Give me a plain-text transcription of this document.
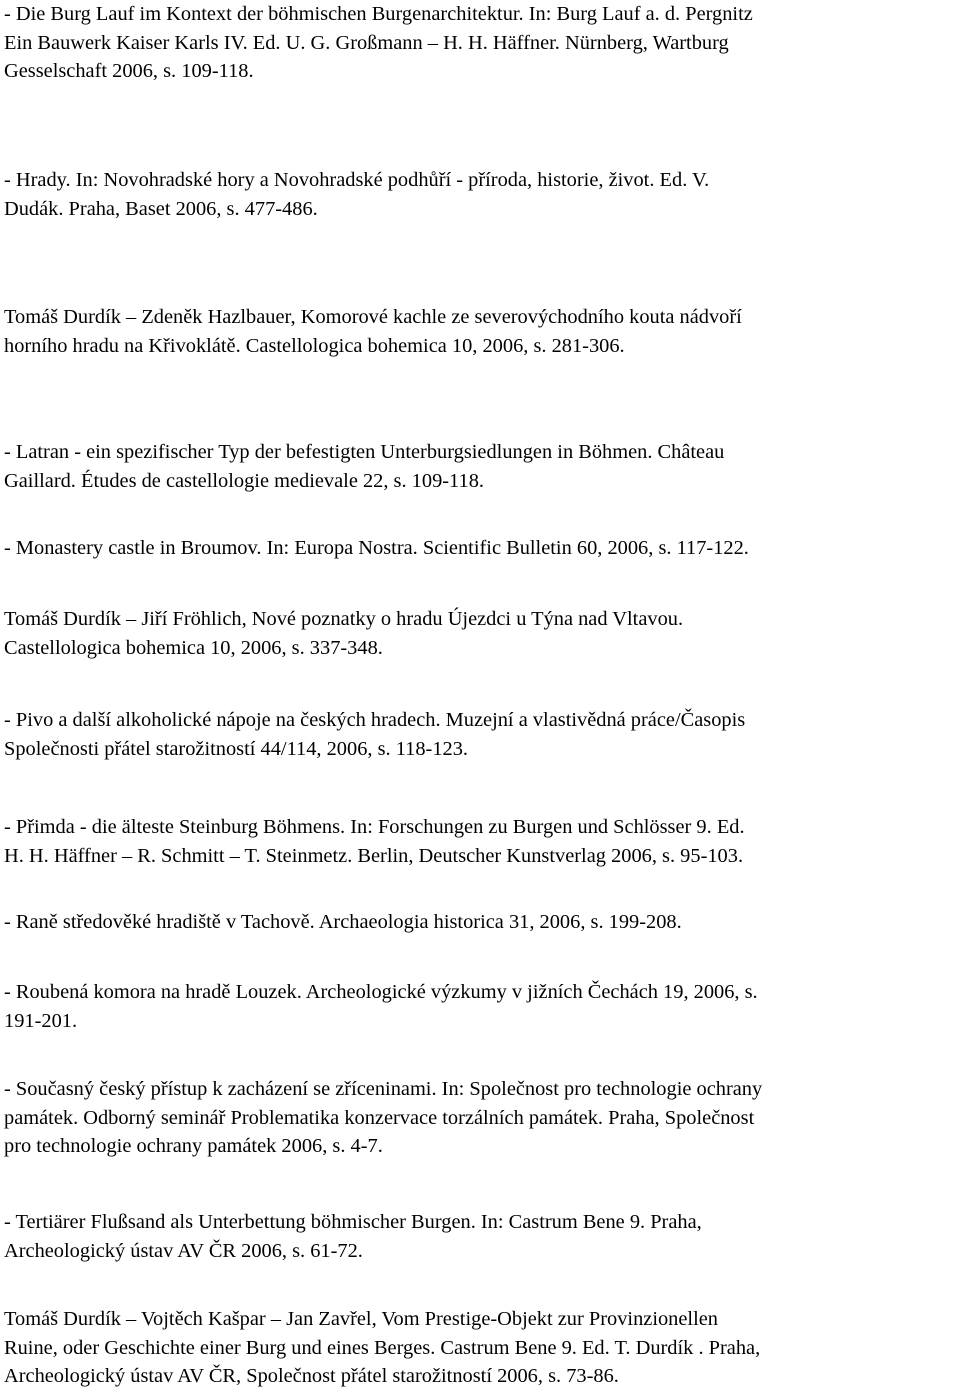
- Die Burg Lauf im Kontext der böhmischen Burgenarchitektur. In: Burg Lauf a. d. Pergnitz
Ein Bauwerk Kaiser Karls IV. Ed. U. G. Großmann – H. H. Häffner. Nürnberg, Wartburg
Gesselschaft 2006, s. 109-118.

- Hrady. In: Novohradské hory a Novohradské podhůří - příroda, historie, život. Ed. V.
Dudák. Praha, Baset 2006, s. 477-486.

Tomáš Durdík – Zdeněk Hazlbauer, Komorové kachle ze severovýchodního kouta nádvoří
horního hradu na Křivoklátě. Castellologica bohemica 10, 2006, s. 281-306.

- Latran - ein spezifischer Typ der befestigten Unterburgsiedlungen in Böhmen. Château
Gaillard. Études de castellologie medievale 22, s. 109-118.

- Monastery castle in Broumov. In: Europa Nostra. Scientific Bulletin 60, 2006, s. 117-122.

Tomáš Durdík – Jiří Fröhlich, Nové poznatky o hradu Újezdci u Týna nad Vltavou.
Castellologica bohemica 10, 2006, s. 337-348.

- Pivo a další alkoholické nápoje na českých hradech. Muzejní a vlastivědná práce/Časopis
Společnosti přátel starožitností 44/114, 2006, s. 118-123.

- Přimda - die älteste Steinburg Böhmens. In: Forschungen zu Burgen und Schlösser 9. Ed.
H. H. Häffner – R. Schmitt – T. Steinmetz. Berlin, Deutscher Kunstverlag 2006, s. 95-103.

- Raně středověké hradiště v Tachově. Archaeologia historica 31, 2006, s. 199-208.

- Roubená komora na hradě Louzek. Archeologické výzkumy v jižních Čechách 19, 2006, s.
191-201.

- Současný český přístup k zacházení se zříceninami. In: Společnost pro technologie ochrany
památek. Odborný seminář Problematika konzervace torzálních památek. Praha, Společnost
pro technologie ochrany památek 2006, s. 4-7.

- Tertiärer Flußsand als Unterbettung böhmischer Burgen. In: Castrum Bene 9. Praha,
Archeologický ústav AV ČR 2006, s. 61-72.

Tomáš Durdík – Vojtěch Kašpar – Jan Zavřel, Vom Prestige-Objekt zur Provinzionellen
Ruine, oder Geschichte einer Burg und eines Berges. Castrum Bene 9. Ed. T. Durdík . Praha,
Archeologický ústav AV ČR, Společnost přátel starožitností 2006, s. 73-86.
